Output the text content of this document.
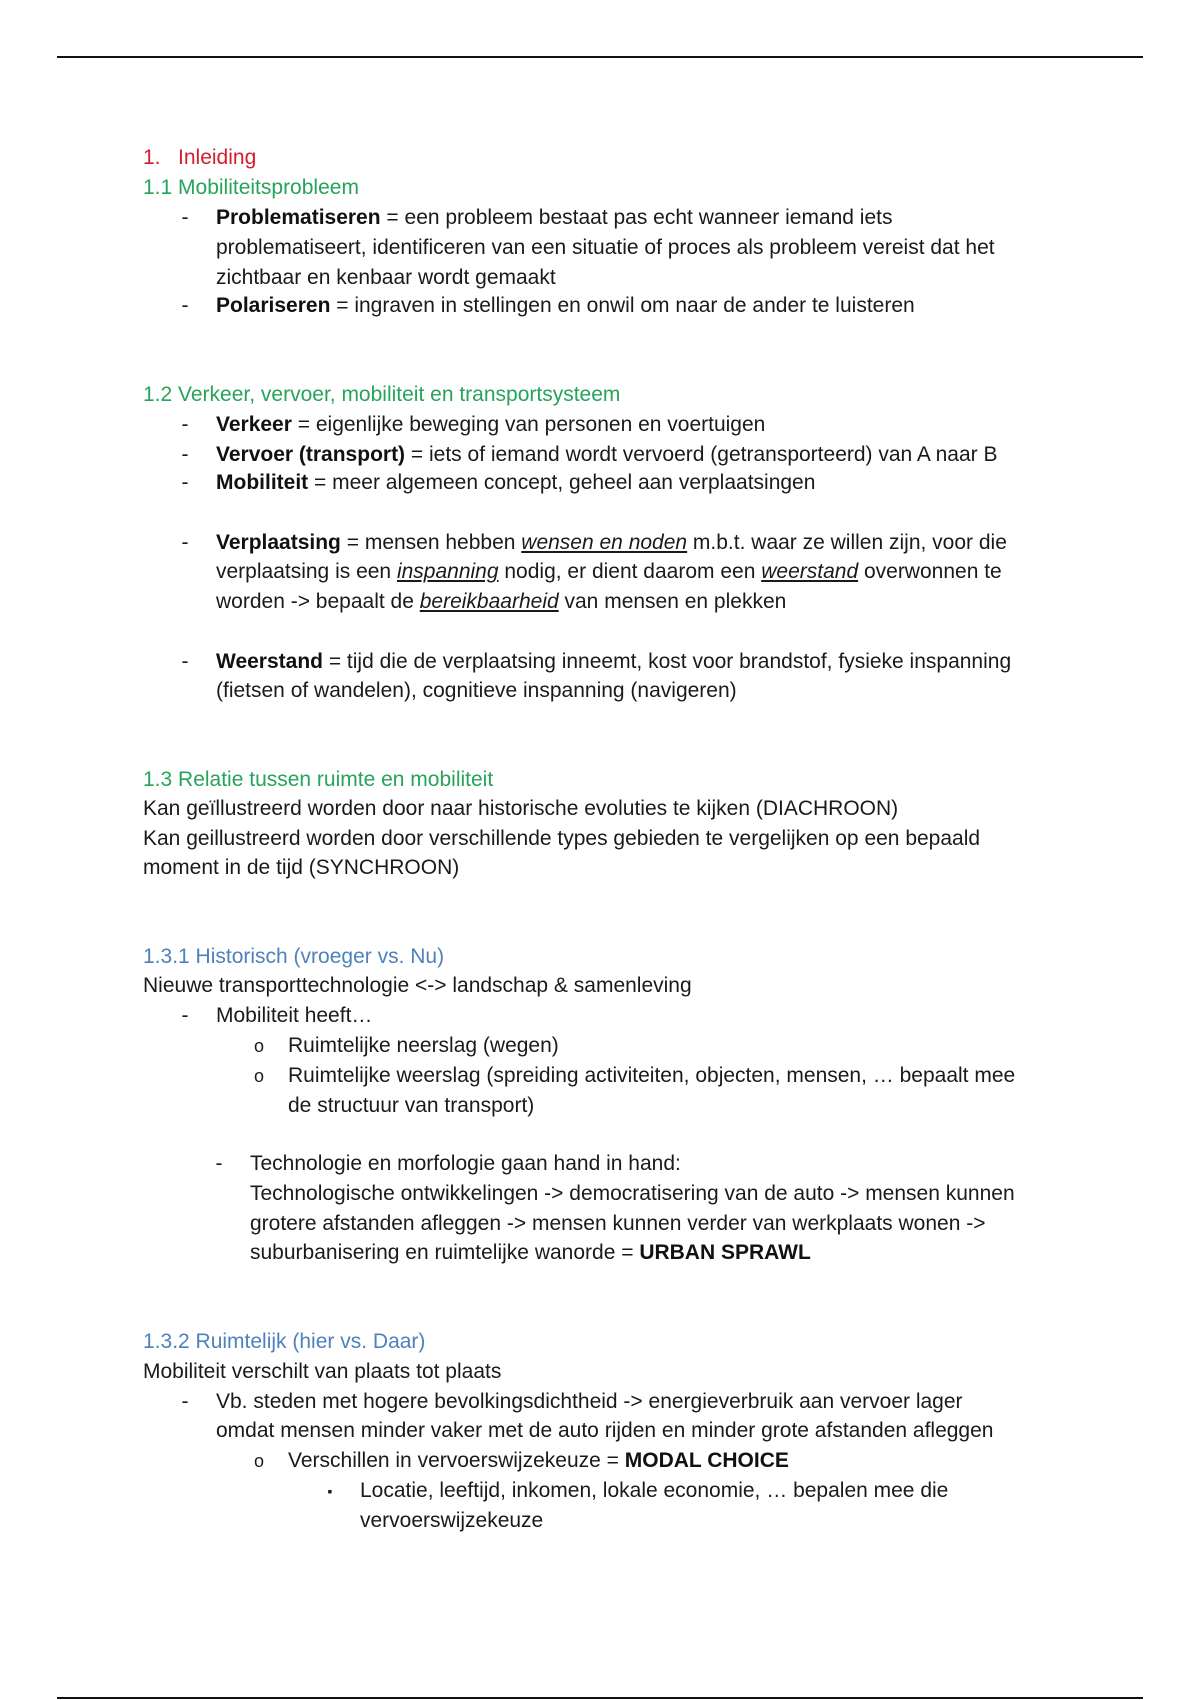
1. Inleiding
1.1 Mobiliteitsprobleem
-	Problematiseren = een probleem bestaat pas echt wanneer iemand iets
problematiseert, identificeren van een situatie of proces als probleem vereist dat het
zichtbaar en kenbaar wordt gemaakt
-	Polariseren = ingraven in stellingen en onwil om naar de ander te luisteren
1.2 Verkeer, vervoer, mobiliteit en transportsysteem
-	Verkeer = eigenlijke beweging van personen en voertuigen
-	Vervoer (transport) = iets of iemand wordt vervoerd (getransporteerd) van A naar B
-	Mobiliteit = meer algemeen concept, geheel aan verplaatsingen
-	Verplaatsing = mensen hebben wensen en noden m.b.t. waar ze willen zijn, voor die
verplaatsing is een inspanning nodig, er dient daarom een weerstand overwonnen te
worden -> bepaalt de bereikbaarheid van mensen en plekken
-	Weerstand = tijd die de verplaatsing inneemt, kost voor brandstof, fysieke inspanning
(fietsen of wandelen), cognitieve inspanning (navigeren)
1.3 Relatie tussen ruimte en mobiliteit
Kan geïllustreerd worden door naar historische evoluties te kijken (DIACHROON)
Kan geillustreerd worden door verschillende types gebieden te vergelijken op een bepaald
moment in de tijd (SYNCHROON)
1.3.1 Historisch (vroeger vs. Nu)
Nieuwe transporttechnologie <-> landschap & samenleving
-	Mobiliteit heeft…
o Ruimtelijke neerslag (wegen)
o Ruimtelijke weerslag (spreiding activiteiten, objecten, mensen, … bepaalt mee
de structuur van transport)
-	Technologie en morfologie gaan hand in hand:
Technologische ontwikkelingen -> democratisering van de auto -> mensen kunnen
grotere afstanden afleggen -> mensen kunnen verder van werkplaats wonen ->
suburbanisering en ruimtelijke wanorde = URBAN SPRAWL
1.3.2 Ruimtelijk (hier vs. Daar)
Mobiliteit verschilt van plaats tot plaats
-	Vb. steden met hogere bevolkingsdichtheid -> energieverbruik aan vervoer lager
omdat mensen minder vaker met de auto rijden en minder grote afstanden afleggen
o Verschillen in vervoerswijzekeuze = MODAL CHOICE
▪	Locatie, leeftijd, inkomen, lokale economie, … bepalen mee die
vervoerswijzekeuze
